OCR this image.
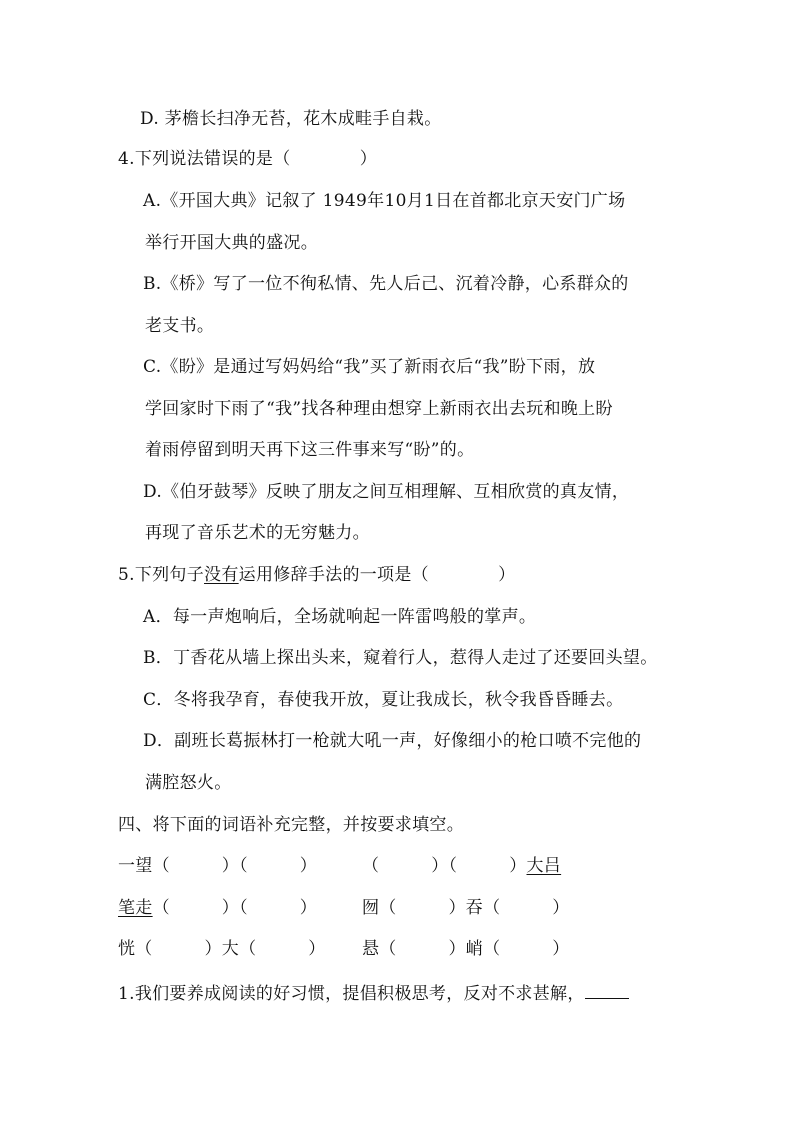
D. 茅檐长扫净无苔，花木成畦手自栽。
4.下列说法错误的是（　　　　）
A.《开国大典》记叙了 1949年10月1日在首都北京天安门广场
举行开国大典的盛况。
B.《桥》写了一位不徇私情、先人后己、沉着冷静，心系群众的
老支书。
C.《盼》是通过写妈妈给“我”买了新雨衣后“我”盼下雨，放
学回家时下雨了“我”找各种理由想穿上新雨衣出去玩和晚上盼
着雨停留到明天再下这三件事来写“盼”的。
D.《伯牙鼓琴》反映了朋友之间互相理解、互相欣赏的真友情，
再现了音乐艺术的无穷魅力。
5.下列句子没有运用修辞手法的一项是（　　　　）
A．每一声炮响后，全场就响起一阵雷鸣般的掌声。
B．丁香花从墙上探出头来，窥着行人，惹得人走过了还要回头望。
C．冬将我孕育，春使我开放，夏让我成长，秋令我昏昏睡去。
D．副班长葛振林打一枪就大吼一声，好像细小的枪口喷不完他的
满腔怒火。
四、将下面的词语补充完整，并按要求填空。
一望（　　　）（　　　）	（　　　）（　　　）大吕
笔走（　　　）（　　　）	囫（　　　）吞（　　　）
恍（　　　）大（　　　） 悬（　　　）峭（　　　）
1.我们要养成阅读的好习惯，提倡积极思考，反对不求甚解，
